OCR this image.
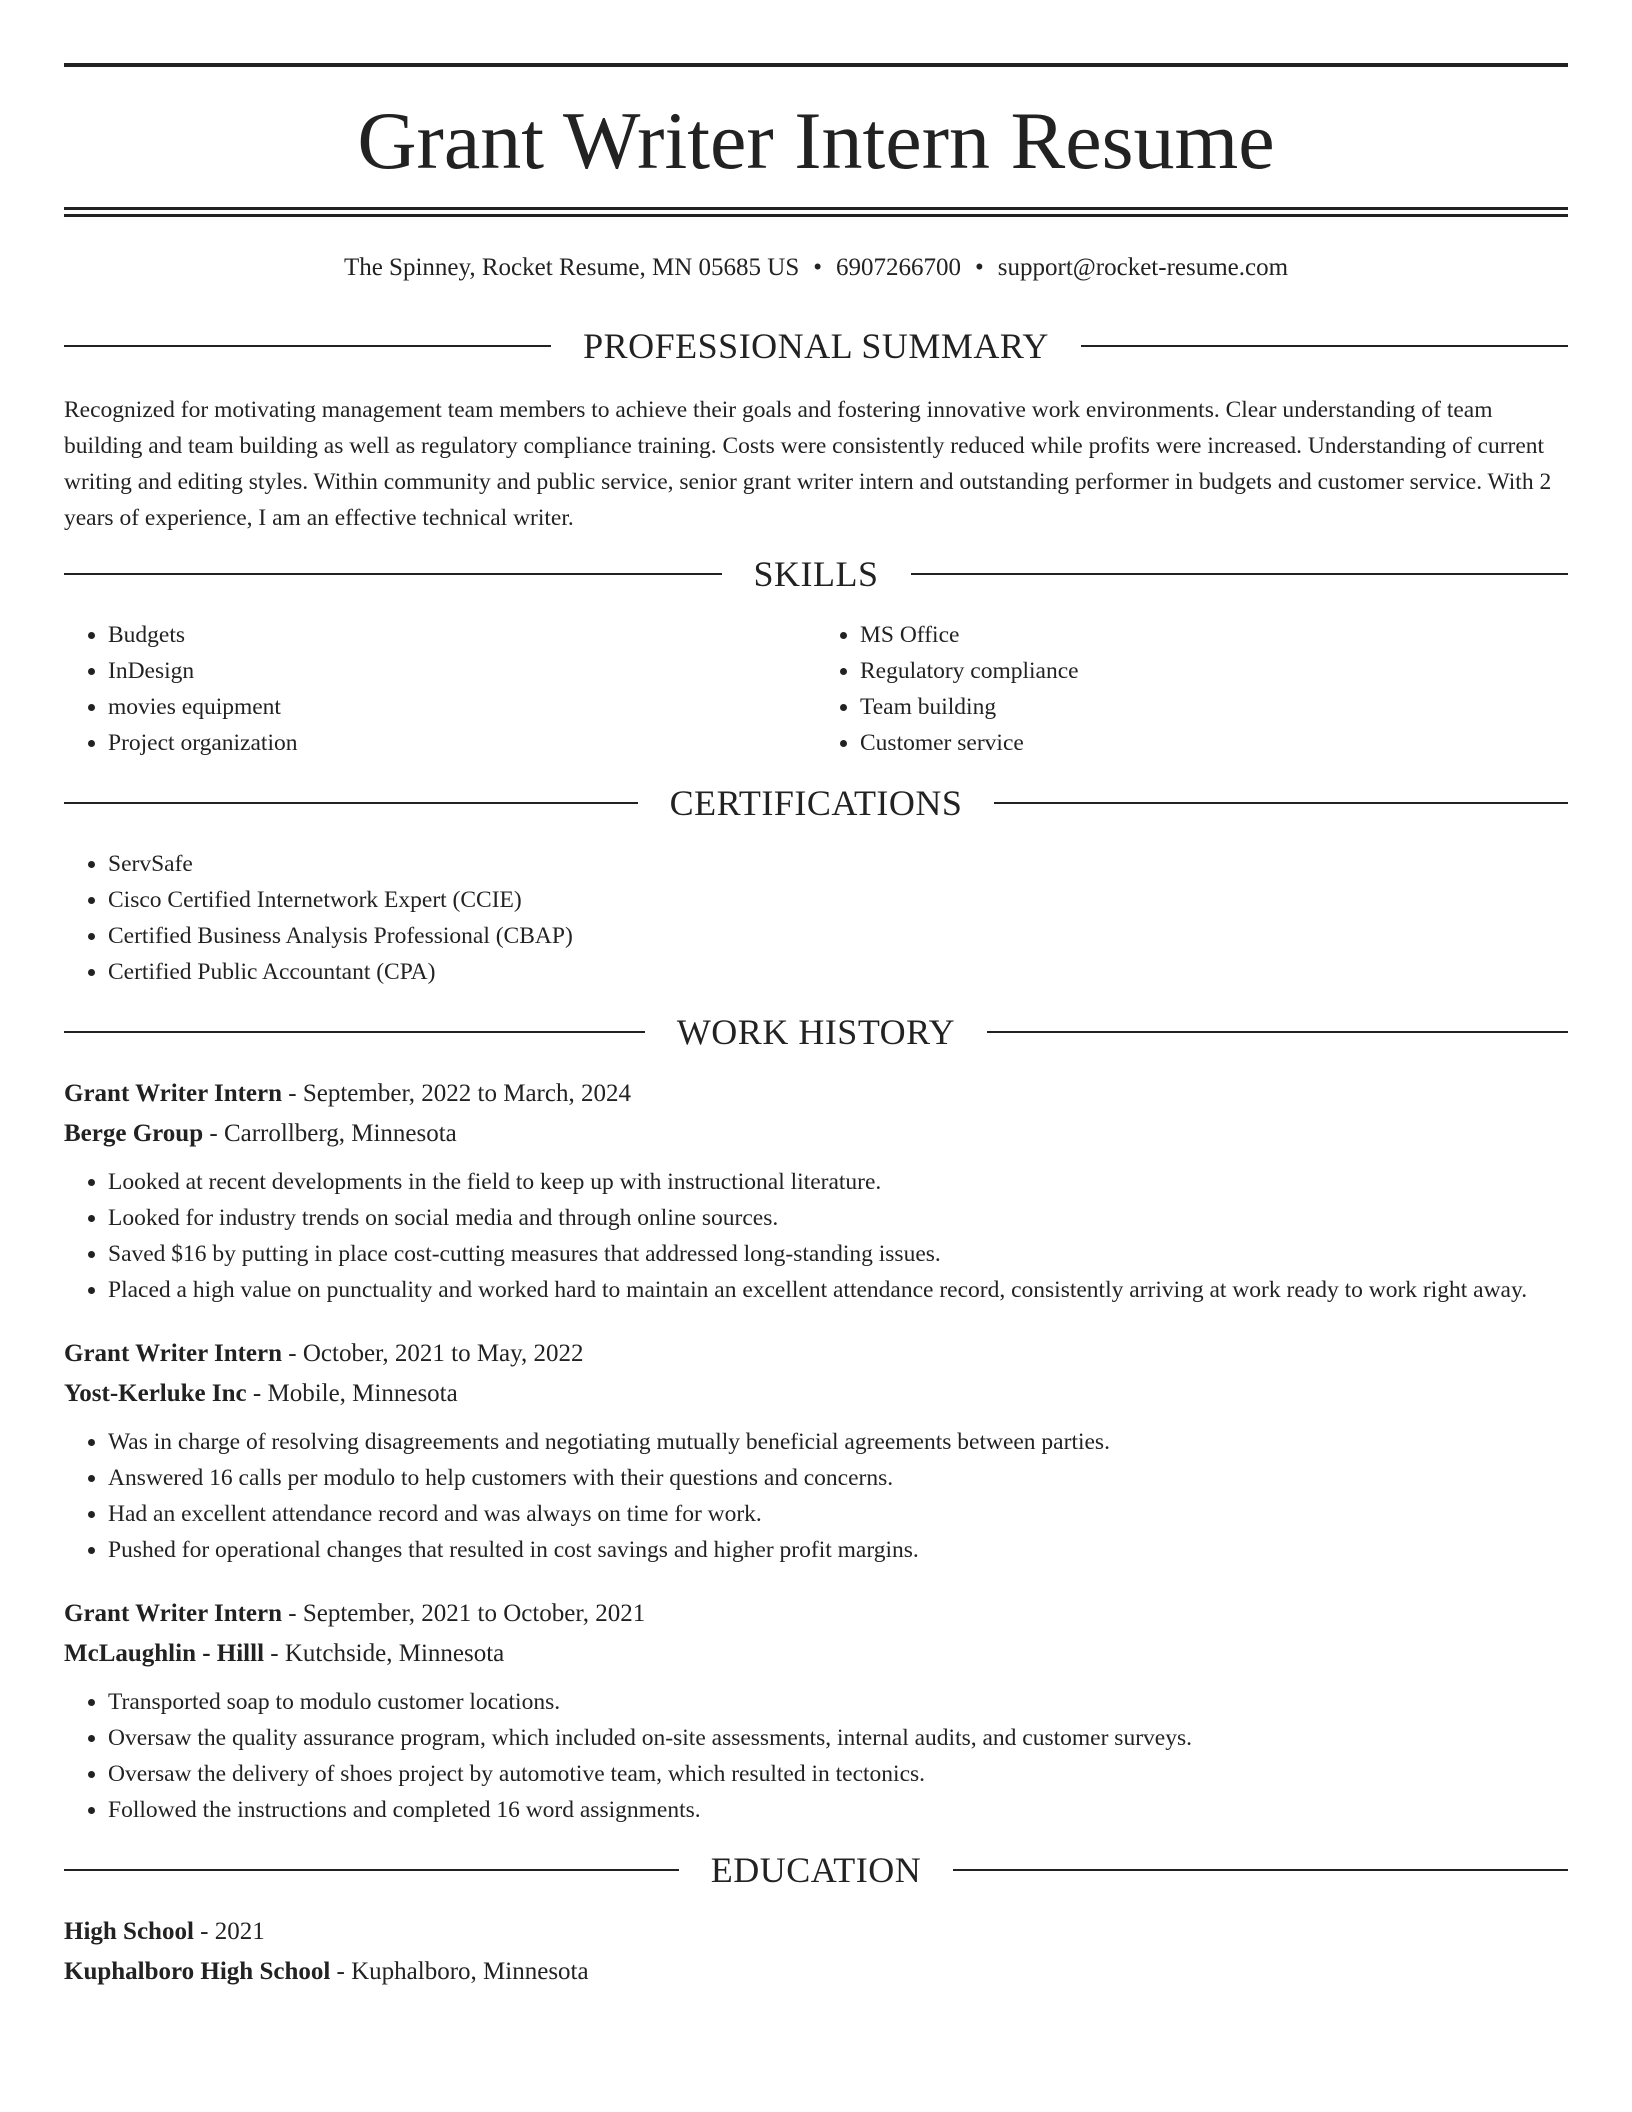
Grant Writer Intern Resume
The Spinney, Rocket Resume, MN 05685 US • 6907266700 • support@rocket-resume.com
PROFESSIONAL SUMMARY

Recognized for motivating management team members to achieve their goals and fostering innovative work environments. Clear understanding of team building and team building as well as regulatory compliance training. Costs were consistently reduced while profits were increased. Understanding of current writing and editing styles. Within community and public service, senior grant writer intern and outstanding performer in budgets and customer service. With 2 years of experience, I am an effective technical writer.

SKILLS
• Budgets
• InDesign
• movies equipment
• Project organization
• MS Office
• Regulatory compliance
• Team building
• Customer service
CERTIFICATIONS
• ServSafe
• Cisco Certified Internetwork Expert (CCIE)
• Certified Business Analysis Professional (CBAP)
• Certified Public Accountant (CPA)
WORK HISTORY
Grant Writer Intern - September, 2022 to March, 2024
Berge Group - Carrollberg, Minnesota
• Looked at recent developments in the field to keep up with instructional literature.
• Looked for industry trends on social media and through online sources.
• Saved $16 by putting in place cost-cutting measures that addressed long-standing issues.
• Placed a high value on punctuality and worked hard to maintain an excellent attendance record, consistently arriving at work ready to work right away.
Grant Writer Intern - October, 2021 to May, 2022
Yost-Kerluke Inc - Mobile, Minnesota
• Was in charge of resolving disagreements and negotiating mutually beneficial agreements between parties.
• Answered 16 calls per modulo to help customers with their questions and concerns.
• Had an excellent attendance record and was always on time for work.
• Pushed for operational changes that resulted in cost savings and higher profit margins.
Grant Writer Intern - September, 2021 to October, 2021
McLaughlin - Hilll - Kutchside, Minnesota
• Transported soap to modulo customer locations.
• Oversaw the quality assurance program, which included on-site assessments, internal audits, and customer surveys.
• Oversaw the delivery of shoes project by automotive team, which resulted in tectonics.
• Followed the instructions and completed 16 word assignments.
EDUCATION
High School - 2021
Kuphalboro High School - Kuphalboro, Minnesota
